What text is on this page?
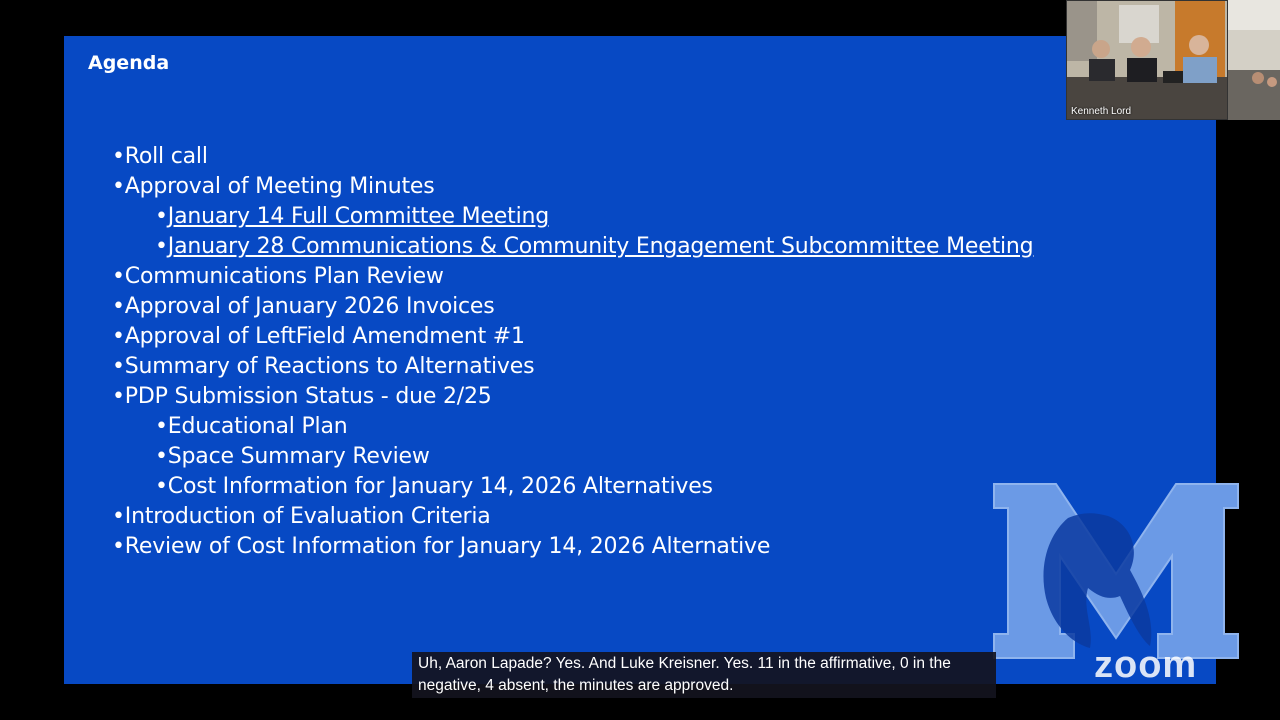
Agenda
•Roll call
•Approval of Meeting Minutes
•January 14 Full Committee Meeting
•January 28 Communications & Community Engagement Subcommittee Meeting
•Communications Plan Review
•Approval of January 2026 Invoices
•Approval of LeftField Amendment #1
•Summary of Reactions to Alternatives
•PDP Submission Status - due 2/25
•Educational Plan
•Space Summary Review
•Cost Information for January 14, 2026 Alternatives
•Introduction of Evaluation Criteria
•Review of Cost Information for January 14, 2026 Alternative
Uh, Aaron Lapade? Yes. And Luke Kreisner. Yes. 11 in the affirmative, 0 in the
negative, 4 absent, the minutes are approved.	zoom
Kenneth Lord
